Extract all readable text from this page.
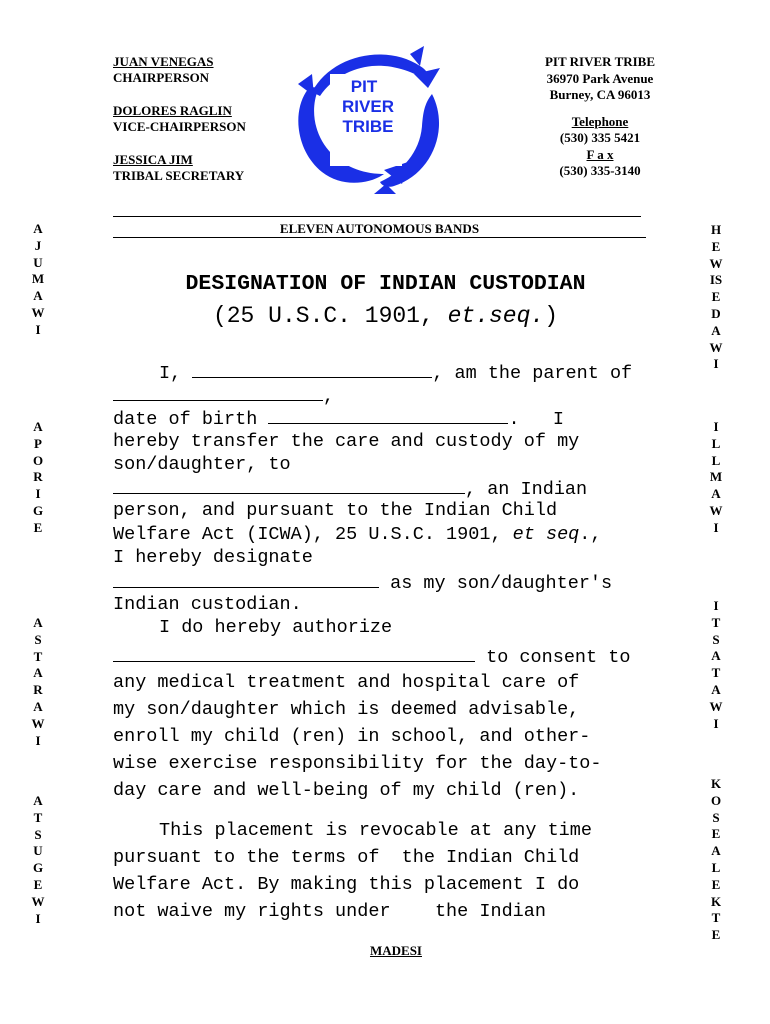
JUAN VENEGAS
CHAIRPERSON
DOLORES RAGLIN
VICE-CHAIRPERSON
JESSICA JIM
TRIBAL SECRETARY
PIT
RIVER
TRIBE
PIT RIVER TRIBE
36970 Park Avenue
Burney, CA 96013
Telephone
(530) 335 5421
F a x
(530) 335-3140
ELEVEN AUTONOMOUS BANDS
A
J
U
M
A
W
I
A
P
O
R
I
G
E
A
S
T
A
R
A
W
I
A
T
S
U
G
E
W
I
H
E
W
IS
E
D
A
W
I
I
L
L
M
A
W
I
I
T
S
A
T
A
W
I
K
O
S
E
A
L
E
K
T
E
DESIGNATION OF INDIAN CUSTODIAN
(25 U.S.C. 1901, et.seq.)
I,	, am the parent of
,
date of birth	.   I
hereby transfer the care and custody of my
son/daughter, to
, an Indian
person, and pursuant to the Indian Child
Welfare Act (ICWA), 25 U.S.C. 1901, et seq.,
I hereby designate
as my son/daughter's
Indian custodian.
I do hereby authorize
to consent to
any medical treatment and hospital care of
my son/daughter which is deemed advisable,
enroll my child (ren) in school, and other-
wise exercise responsibility for the day-to-
day care and well-being of my child (ren).
This placement is revocable at any time
pursuant to the terms of  the Indian Child
Welfare Act. By making this placement I do
not waive my rights under    the Indian
MADESI
